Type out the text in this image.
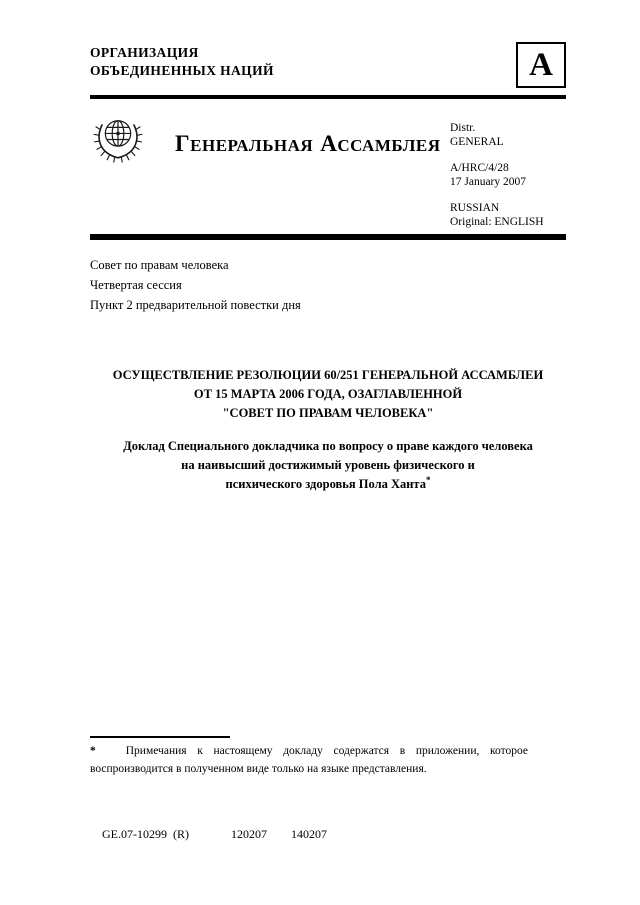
ОРГАНИЗАЦИЯ
ОБЪЕДИНЕННЫХ НАЦИЙ	A
ГЕНЕРАЛЬНАЯ АССАМБЛЕЯ
Distr.
GENERAL
A/HRC/4/28
17 January 2007
RUSSIAN
Original: ENGLISH
Совет по правам человека
Четвертая сессия
Пункт 2 предварительной повестки дня
ОСУЩЕСТВЛЕНИЕ РЕЗОЛЮЦИИ 60/251 ГЕНЕРАЛЬНОЙ АССАМБЛЕИ
ОТ 15 МАРТА 2006 ГОДА, ОЗАГЛАВЛЕННОЙ
"СОВЕТ ПО ПРАВАМ ЧЕЛОВЕКА"
Доклад Специального докладчика по вопросу о праве каждого человека
на наивысший достижимый уровень физического и
психического здоровья Пола Ханта*
*	Примечания к настоящему докладу содержатся в приложении, которое воспроизводится в полученном виде только на языке представления.

GE.07-10299  (R)	120207 140207
